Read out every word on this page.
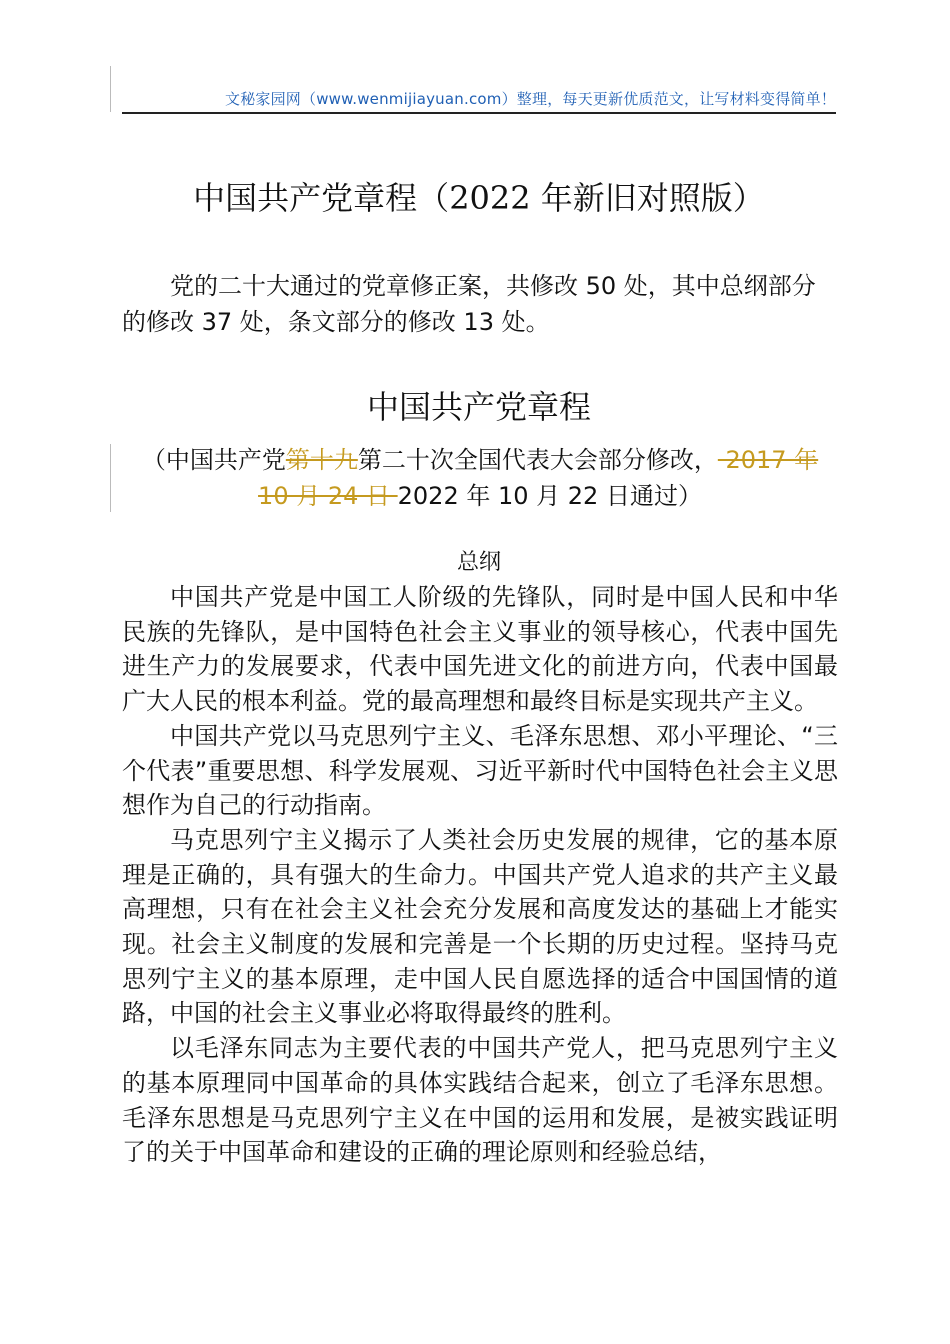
文秘家园网（www.wenmijiayuan.com）整理，每天更新优质范文，让写材料变得简单！
中国共产党章程（2022 年新旧对照版）

党的二十大通过的党章修正案，共修改 50 处，其中总纲部分的修改 37 处，条文部分的修改 13 处。

中国共产党章程

（中国共产党第十九第二十次全国代表大会部分修改， 2017 年 10 月 24 日 2022 年 10 月 22 日通过）

总纲

中国共产党是中国工人阶级的先锋队，同时是中国人民和中华民族的先锋队，是中国特色社会主义事业的领导核心，代表中国先进生产力的发展要求，代表中国先进文化的前进方向，代表中国最广大人民的根本利益。党的最高理想和最终目标是实现共产主义。

中国共产党以马克思列宁主义、毛泽东思想、邓小平理论、“三个代表”重要思想、科学发展观、习近平新时代中国特色社会主义思想作为自己的行动指南。

马克思列宁主义揭示了人类社会历史发展的规律，它的基本原理是正确的，具有强大的生命力。中国共产党人追求的共产主义最高理想，只有在社会主义社会充分发展和高度发达的基础上才能实现。社会主义制度的发展和完善是一个长期的历史过程。坚持马克思列宁主义的基本原理，走中国人民自愿选择的适合中国国情的道路，中国的社会主义事业必将取得最终的胜利。

以毛泽东同志为主要代表的中国共产党人，把马克思列宁主义的基本原理同中国革命的具体实践结合起来，创立了毛泽东思想。毛泽东思想是马克思列宁主义在中国的运用和发展，是被实践证明了的关于中国革命和建设的正确的理论原则和经验总结，
